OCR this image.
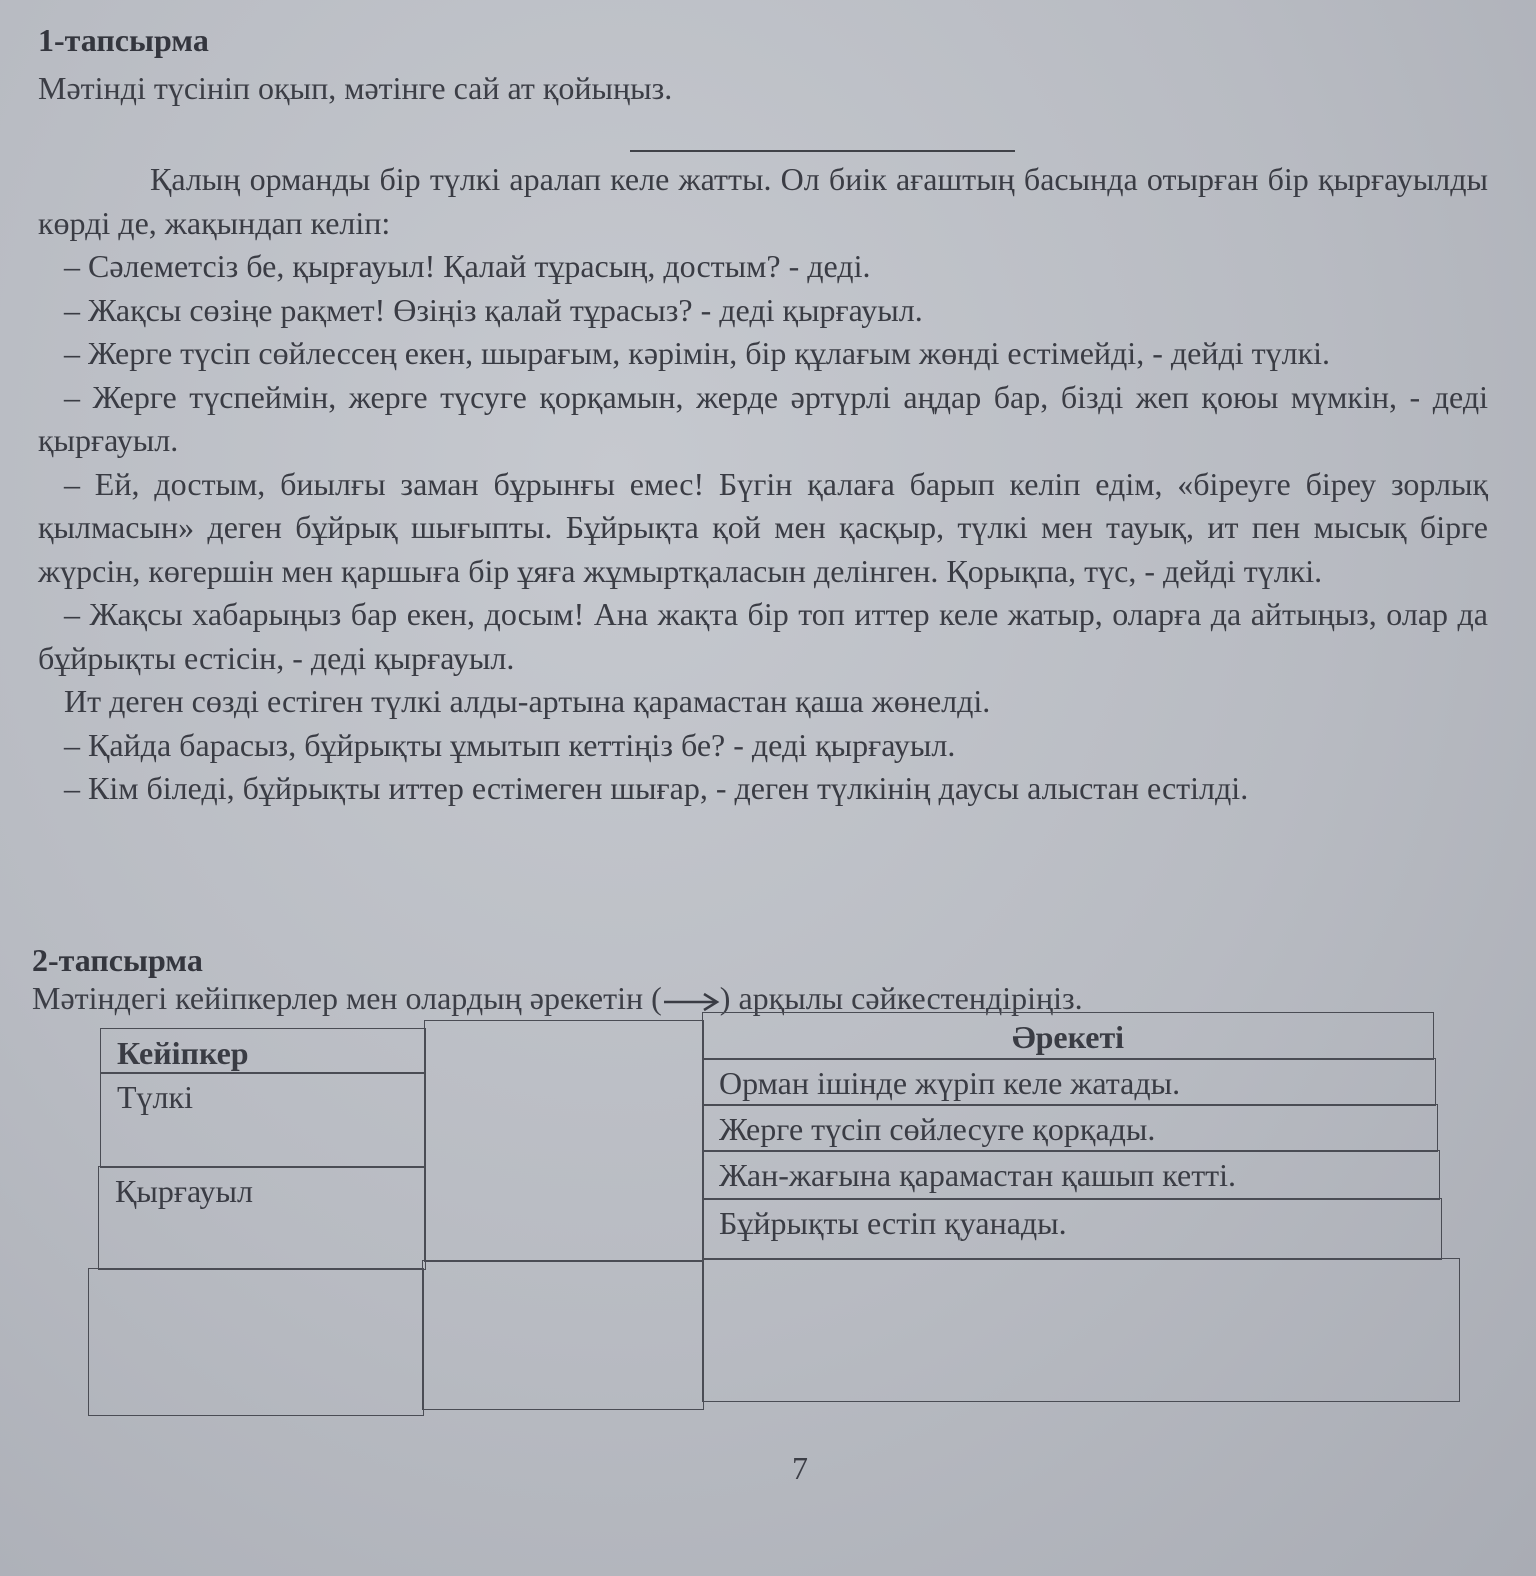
1-тапсырма
Мәтінді түсініп оқып, мәтінге сай ат қойыңыз.

Қалың орманды бір түлкі аралап келе жатты. Ол биік ағаштың басында отырған бір қырғауылды көрді де, жақындап келіп:

– Сәлеметсіз бе, қырғауыл! Қалай тұрасың, достым? - деді.

– Жақсы сөзіңе рақмет! Өзіңіз қалай тұрасыз? - деді қырғауыл.

– Жерге түсіп сөйлессең екен, шырағым, кәрімін, бір құлағым жөнді естімейді, - дейді түлкі.

– Жерге түспеймін, жерге түсуге қорқамын, жерде әртүрлі аңдар бар, бізді жеп қоюы мүмкін, - деді қырғауыл.

– Ей, достым, биылғы заман бұрынғы емес! Бүгін қалаға барып келіп едім, «біреуге біреу зорлық қылмасын» деген бұйрық шығыпты. Бұйрықта қой мен қасқыр, түлкі мен тауық, ит пен мысық бірге жүрсін, көгершін мен қаршыға бір ұяға жұмыртқаласын делінген. Қорықпа, түс, - дейді түлкі.

– Жақсы хабарыңыз бар екен, досым! Ана жақта бір топ иттер келе жатыр, оларға да айтыңыз, олар да бұйрықты естісін, - деді қырғауыл.

Ит деген сөзді естіген түлкі алды-артына қарамастан қаша жөнелді.

– Қайда барасыз, бұйрықты ұмытып кеттіңіз бе? - деді қырғауыл.

– Кім біледі, бұйрықты иттер естімеген шығар, - деген түлкінің даусы алыстан естілді.

2-тапсырма
Мәтіндегі кейіпкерлер мен олардың әрекетін ( ) арқылы сәйкестендіріңіз.
Кейіпкер
Түлкі
Қырғауыл
Әрекеті
Орман ішінде жүріп келе жатады.
Жерге түсіп сөйлесуге қорқады.
Жан-жағына қарамастан қашып кетті.
Бұйрықты естіп қуанады.
7
